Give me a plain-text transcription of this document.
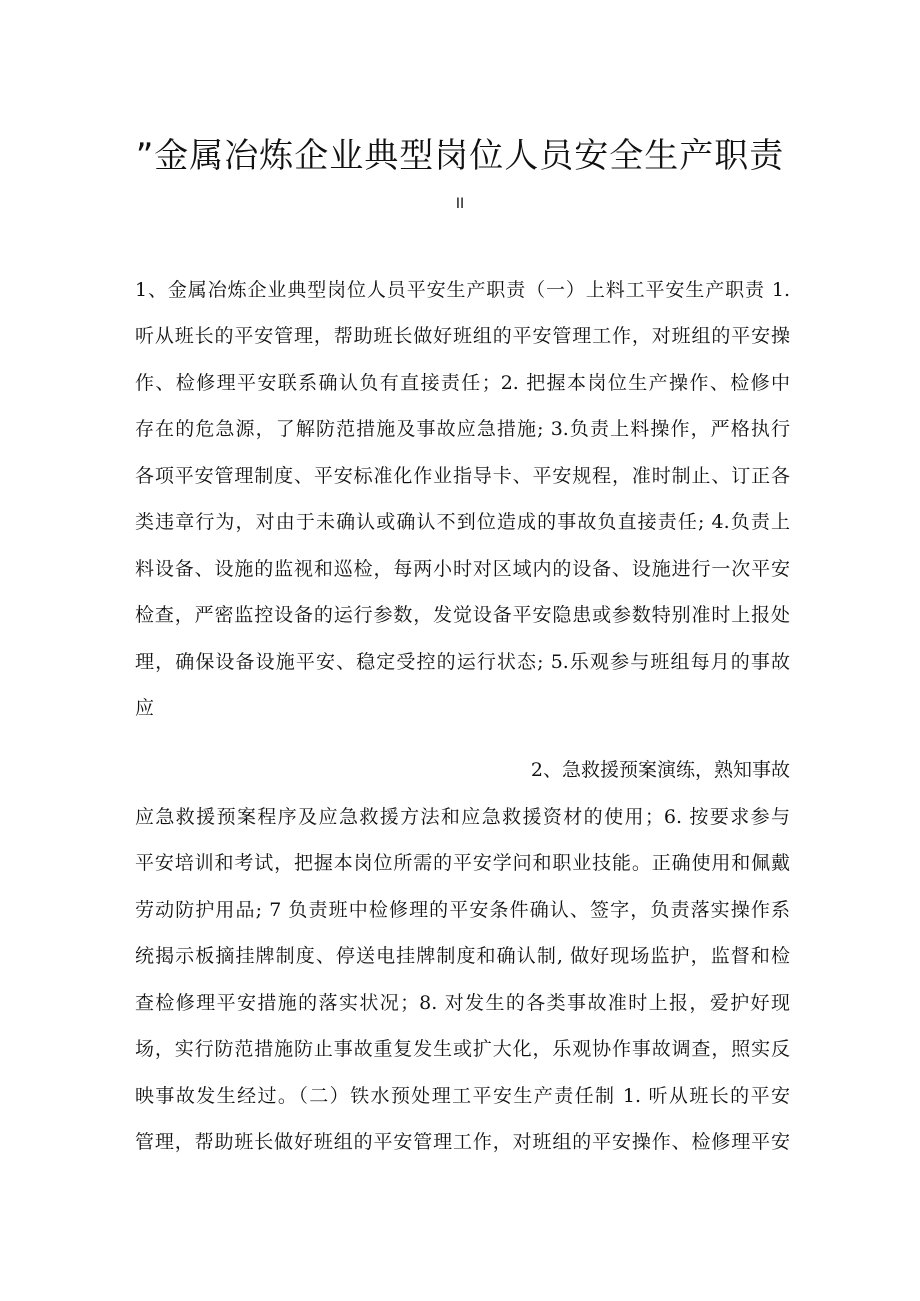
”金属冶炼企业典型岗位人员安全生产职责
II
1、金属冶炼企业典型岗位人员平安生产职责（一）上料工平安生产职责 1.
听从班长的平安管理，帮助班长做好班组的平安管理工作，对班组的平安操
作、检修理平安联系确认负有直接责任；2. 把握本岗位生产操作、检修中
存在的危急源，了解防范措施及事故应急措施; 3.负责上料操作，严格执行
各项平安管理制度、平安标准化作业指导卡、平安规程，准时制止、订正各
类违章行为，对由于未确认或确认不到位造成的事故负直接责任; 4.负责上
料设备、设施的监视和巡检，每两小时对区域内的设备、设施进行一次平安
检查，严密监控设备的运行参数，发觉设备平安隐患或参数特别准时上报处
理，确保设备设施平安、稳定受控的运行状态; 5.乐观参与班组每月的事故
应
2、急救援预案演练，熟知事故
应急救援预案程序及应急救援方法和应急救援资材的使用；6. 按要求参与
平安培训和考试，把握本岗位所需的平安学问和职业技能。正确使用和佩戴
劳动防护用品; 7 负责班中检修理的平安条件确认、签字，负责落实操作系
统揭示板摘挂牌制度、停送电挂牌制度和确认制, 做好现场监护，监督和检
查检修理平安措施的落实状况；8. 对发生的各类事故准时上报，爱护好现
场，实行防范措施防止事故重复发生或扩大化，乐观协作事故调查，照实反
映事故发生经过。（二）铁水预处理工平安生产责任制 1. 听从班长的平安
管理，帮助班长做好班组的平安管理工作，对班组的平安操作、检修理平安
